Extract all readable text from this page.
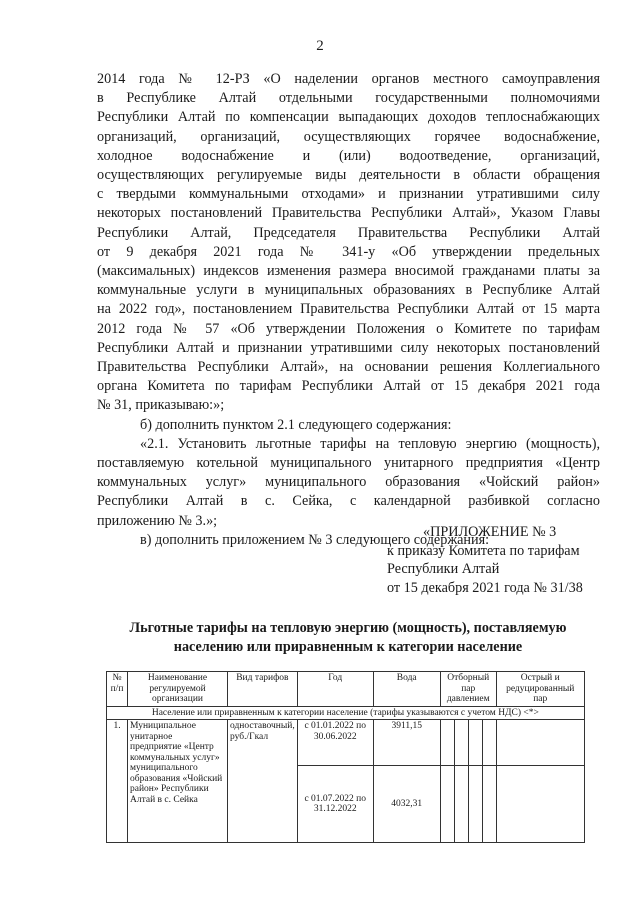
2
2014 года № 12-РЗ «О наделении органов местного самоуправления
в Республике Алтай отдельными государственными полномочиями
Республики Алтай по компенсации выпадающих доходов теплоснабжающих
организаций, организаций, осуществляющих горячее водоснабжение,
холодное водоснабжение и (или) водоотведение, организаций,
осуществляющих регулируемые виды деятельности в области обращения
с твердыми коммунальными отходами» и признании утратившими силу
некоторых постановлений Правительства Республики Алтай», Указом Главы
Республики Алтай, Председателя Правительства Республики Алтай
от 9 декабря 2021 года № 341-у «Об утверждении предельных
(максимальных) индексов изменения размера вносимой гражданами платы за
коммунальные услуги в муниципальных образованиях в Республике Алтай
на 2022 год», постановлением Правительства Республики Алтай от 15 марта
2012 года № 57 «Об утверждении Положения о Комитете по тарифам
Республики Алтай и признании утратившими силу некоторых постановлений
Правительства Республики Алтай», на основании решения Коллегиального
органа Комитета по тарифам Республики Алтай от 15 декабря 2021 года
№ 31, приказываю:»;
б) дополнить пунктом 2.1 следующего содержания:
«2.1. Установить льготные тарифы на тепловую энергию (мощность),
поставляемую котельной муниципального унитарного предприятия «Центр
коммунальных услуг» муниципального образования «Чойский район»
Республики Алтай в с. Сейка, с календарной разбивкой согласно
приложению № 3.»;
в) дополнить приложением № 3 следующего содержания:
«ПРИЛОЖЕНИЕ № 3
к приказу Комитета по тарифам
Республики Алтай
от 15 декабря 2021 года № 31/38
Льготные тарифы на тепловую энергию (мощность), поставляемую
населению или приравненным к категории население
№ п/п	Наименование регулируемой организации	Вид тарифов	Год	Вода	Отборный пар давлением				Острый и редуцированный пар
Население или приравненным к категории население (тарифы указываются с учетом НДС) <*>									
1.	Муниципальное унитарное предприятие «Центр коммунальных услуг» муниципального образования «Чойский район» Республики Алтай в с. Сейка	одноставочный, руб./Гкал	с 01.01.2022 по 30.06.2022	3911,15					
			с 01.07.2022 по 31.12.2022	4032,31					
